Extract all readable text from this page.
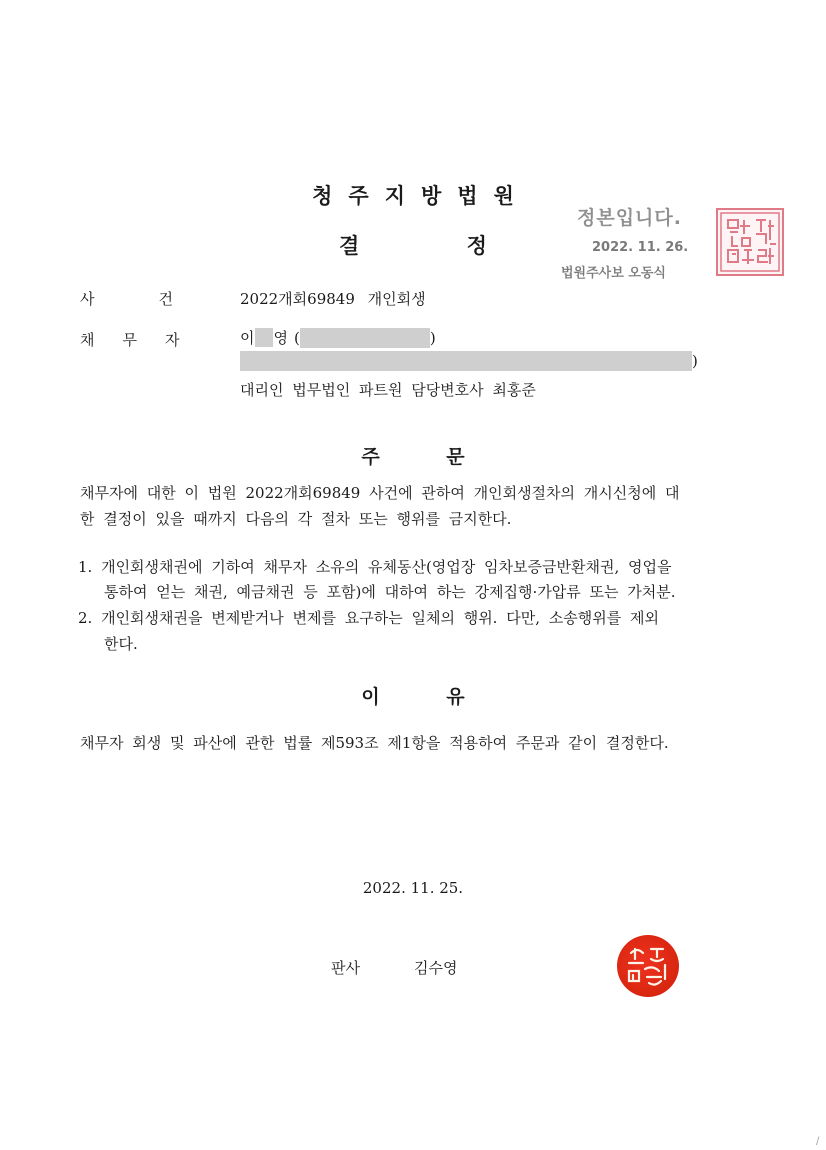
청주지방법원
결 정
정본입니다.
2022. 11. 26.
법원주사보 오동식
사건 2022개회69849 개인회생
채무자 이 영 (	)
)
대리인 법무법인 파트원 담당변호사 최홍준
주 문
채무자에 대한 이 법원 2022개회69849 사건에 관하여 개인회생절차의 개시신청에 대
한 결정이 있을 때까지 다음의 각 절차 또는 행위를 금지한다.
1. 개인회생채권에 기하여 채무자 소유의 유체동산(영업장 임차보증금반환채권, 영업을
통하여 얻는 채권, 예금채권 등 포함)에 대하여 하는 강제집행·가압류 또는 가처분.
2. 개인회생채권을 변제받거나 변제를 요구하는 일체의 행위. 다만, 소송행위를 제외
한다.
이 유
채무자 회생 및 파산에 관한 법률 제593조 제1항을 적용하여 주문과 같이 결정한다.
2022. 11. 25.
판사	김수영
/
